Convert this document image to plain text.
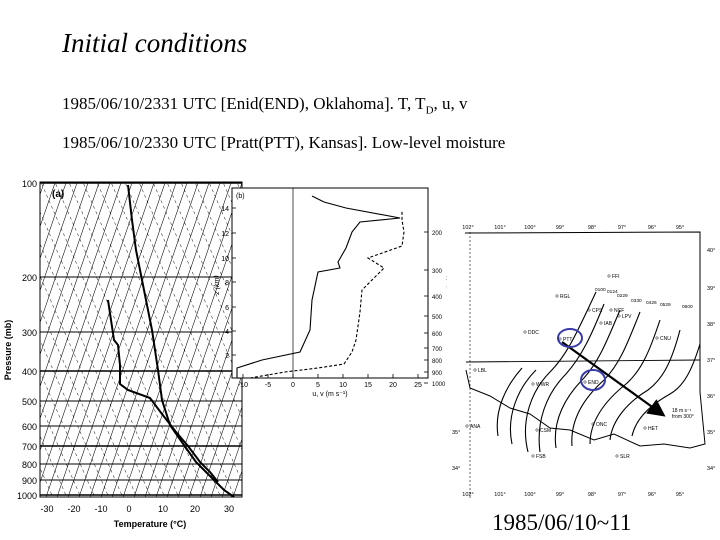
Initial conditions
1985/06/10/2331 UTC [Enid(END), Oklahoma]. T, $T_D$, u, v
1985/06/10/2330 UTC [Pratt(PTT), Kansas]. Low-level moisture
1985/06/10~11
100
200
300
400
500
600
700
800
900
1000
-30 -20 -10 0	10 20	30
(a)
Pressure (mb)
Temperature (°C)
14
12
10
8
6
4
2
200
300
400
500
600
700
800
900
1000
-10 -5	0	5	10 15 20 25
(b)
z (km)
u, v (m s⁻¹)
102°
102°
101°
101°
100°
100°
99°
99°
98°
98°
97°
97°
96°
96°
95°
95°
40°
39°
38°
37°
36°
35°
34°
35°
34°
FFI
RGL
NCF
CPS
LPV
IAB
CNU
DDC
PTT
LBL
END
WWR
ANA
CSM
ONC
HET
FSB	SLR
0100 0124
0229
0330 0426 0529 0600
18 m s⁻¹
from 300°
